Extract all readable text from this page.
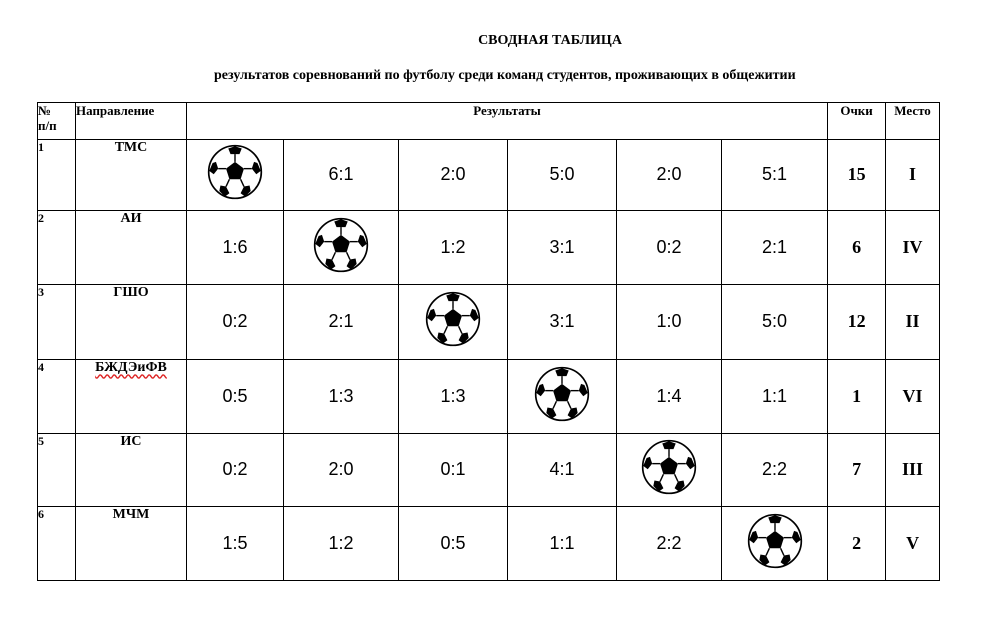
СВОДНАЯ ТАБЛИЦА
результатов соревнований по футболу среди команд студентов, проживающих в общежитии
№
п/п	Направление	Результаты						Очки	Место
1	ТМС		6:1	2:0	5:0	2:0	5:1	15	I
2	АИ	1:6		1:2	3:1	0:2	2:1	6	IV
3	ГШО	0:2	2:1		3:1	1:0	5:0	12	II
4	БЖДЭиФВ	0:5	1:3	1:3		1:4	1:1	1	VI
5	ИС	0:2	2:0	0:1	4:1		2:2	7	III
6	МЧМ	1:5	1:2	0:5	1:1	2:2		2	V
